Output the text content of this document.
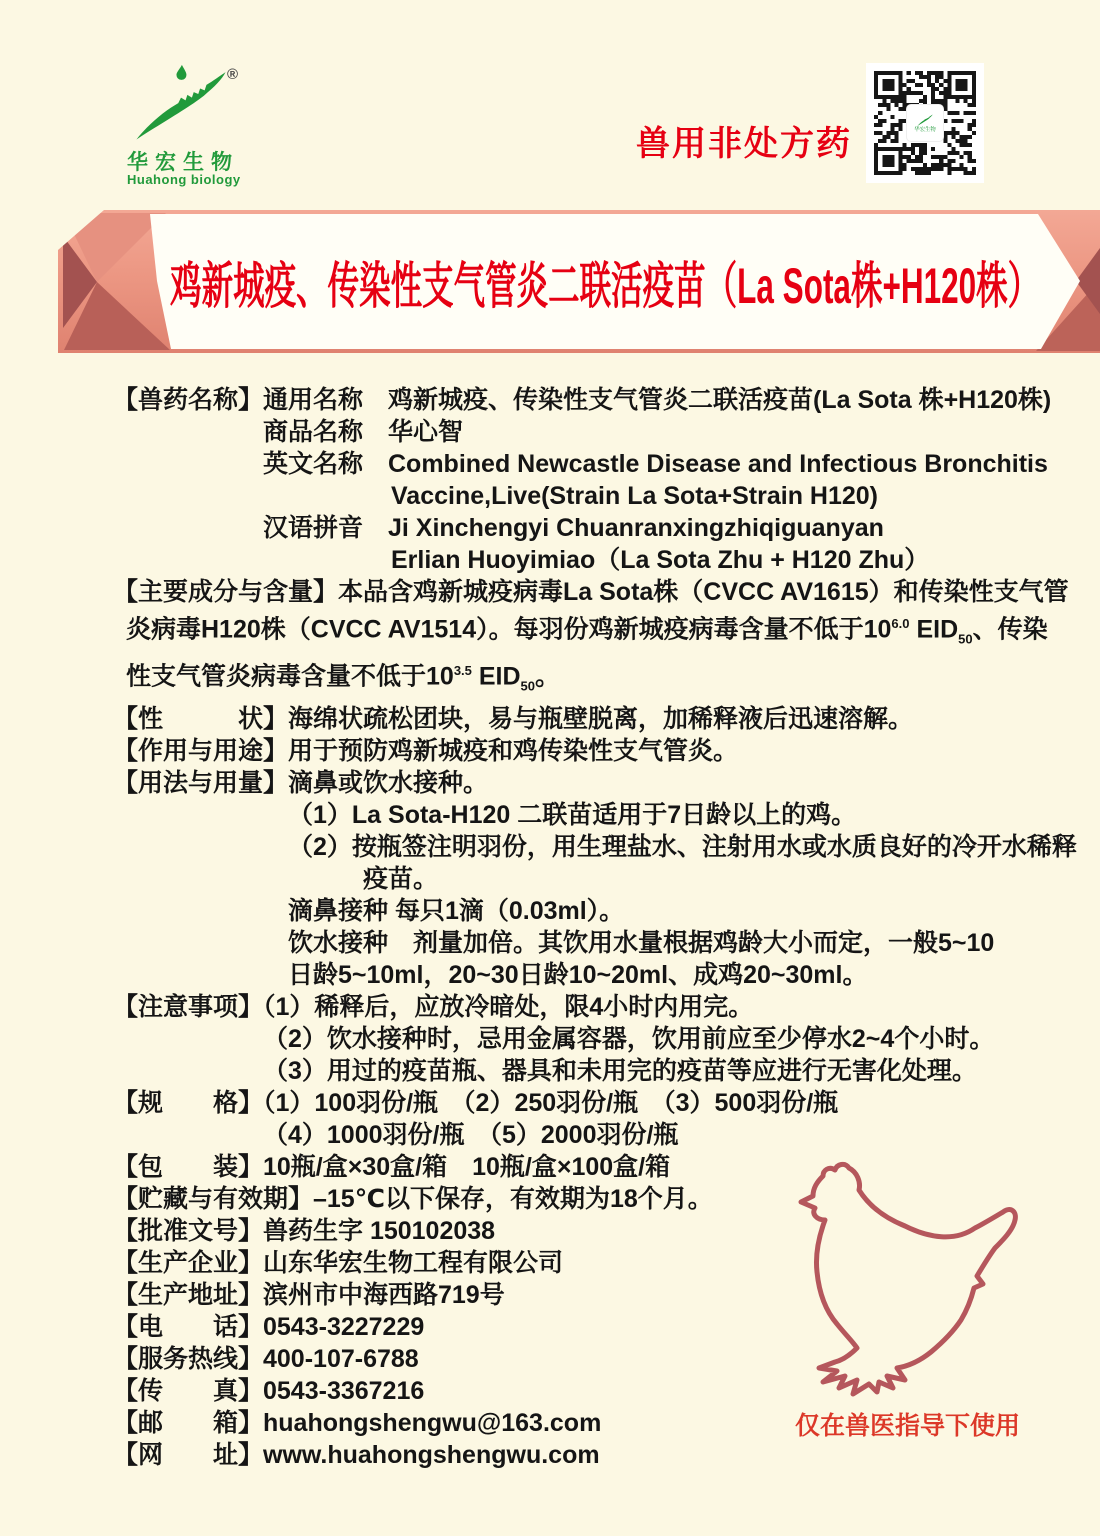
®
华宏生物
Huahong biology
兽用非处方药	华宏生物
鸡新城疫、传染性支气管炎二联活疫苗（La Sota株+H120株）
【兽药名称】通用名称　鸡新城疫、传染性支气管炎二联活疫苗(La Sota 株+H120株)
商品名称　华心智
英文名称　Combined Newcastle Disease and Infectious Bronchitis
Vaccine,Live(Strain La Sota+Strain H120)
汉语拼音　Ji Xinchengyi Chuanranxingzhiqiguanyan
Erlian Huoyimiao（La Sota Zhu + H120 Zhu）
【主要成分与含量】本品含鸡新城疫病毒La Sota株（CVCC AV1615）和传染性支气管
炎病毒H120株（CVCC AV1514）。每羽份鸡新城疫病毒含量不低于$10^{6.0}$ $EID_{50}$、传染
性支气管炎病毒含量不低于$10^{3.5}$ $EID_{50}$。
【性　　　状】海绵状疏松团块，易与瓶壁脱离，加稀释液后迅速溶解。
【作用与用途】用于预防鸡新城疫和鸡传染性支气管炎。
【用法与用量】滴鼻或饮水接种。
（1）La Sota-H120 二联苗适用于7日龄以上的鸡。
（2）按瓶签注明羽份，用生理盐水、注射用水或水质良好的冷开水稀释
疫苗。
滴鼻接种 每只1滴（0.03ml）。
饮水接种　剂量加倍。其饮用水量根据鸡龄大小而定，一般5~10
日龄5~10ml，20~30日龄10~20ml、成鸡20~30ml。
【注意事项】（1）稀释后，应放冷暗处，限4小时内用完。
（2）饮水接种时，忌用金属容器，饮用前应至少停水2~4个小时。
（3）用过的疫苗瓶、器具和未用完的疫苗等应进行无害化处理。
【规　　格】（1）100羽份/瓶　（2）250羽份/瓶　（3）500羽份/瓶
（4）1000羽份/瓶　（5）2000羽份/瓶
【包　　装】10瓶/盒×30盒/箱　10瓶/盒×100盒/箱
【贮藏与有效期】–15℃以下保存，有效期为18个月。
【批准文号】兽药生字 150102038
【生产企业】山东华宏生物工程有限公司
【生产地址】滨州市中海西路719号
【电　　话】0543-3227229
【服务热线】400-107-6788
【传　　真】0543-3367216
【邮　　箱】huahongshengwu@163.com
【网　　址】www.huahongshengwu.com
仅在兽医指导下使用
